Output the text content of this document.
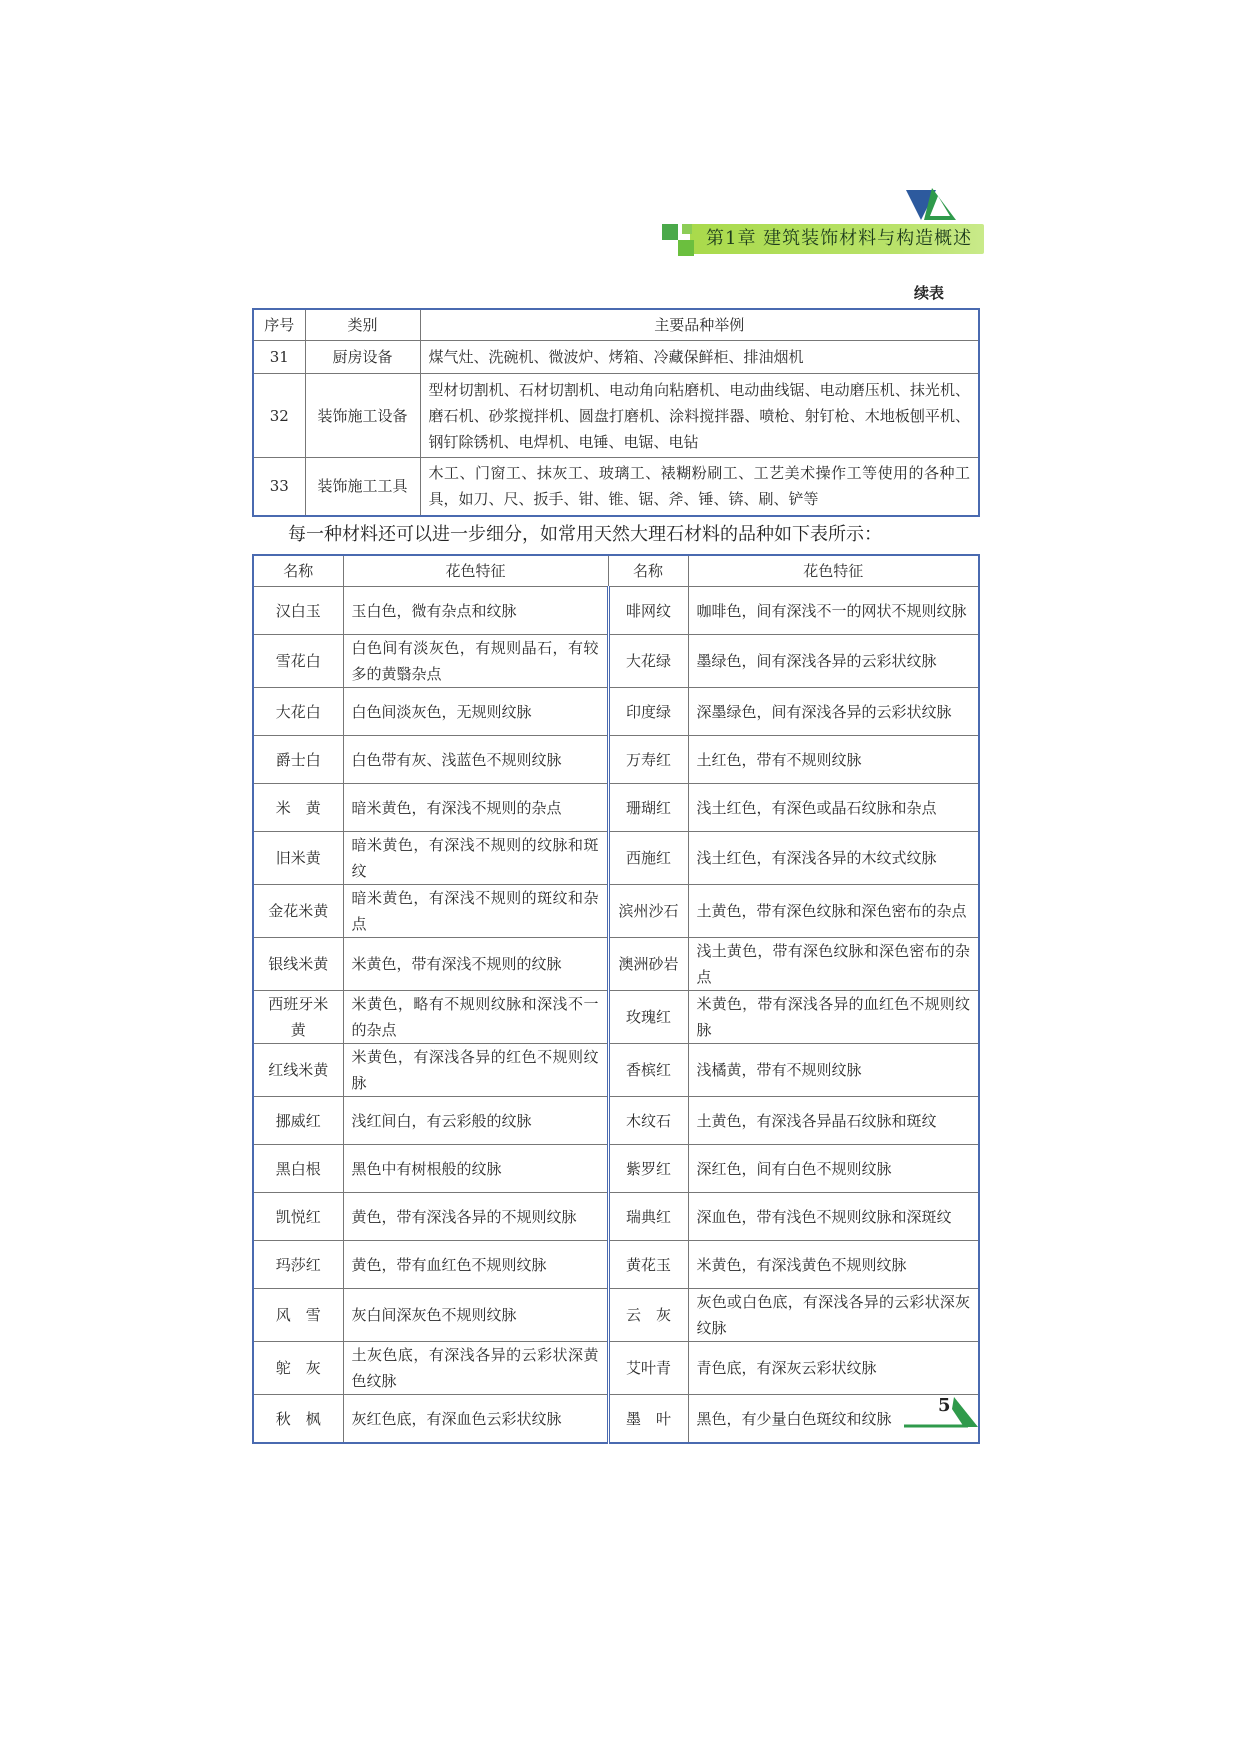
第1章 建筑装饰材料与构造概述
续表
序号	类别	主要品种举例
31	厨房设备	煤气灶、洗碗机、微波炉、烤箱、冷藏保鲜柜、排油烟机
32	装饰施工设备	型材切割机、石材切割机、电动角向粘磨机、电动曲线锯、电动磨压机、抹光机、磨石机、砂浆搅拌机、圆盘打磨机、涂料搅拌器、喷枪、射钉枪、木地板刨平机、钢钉除锈机、电焊机、电锤、电锯、电钻
33	装饰施工工具	木工、门窗工、抹灰工、玻璃工、裱糊粉刷工、工艺美术操作工等使用的各种工具，如刀、尺、扳手、钳、锥、锯、斧、锤、锛、刷、铲等
每一种材料还可以进一步细分，如常用天然大理石材料的品种如下表所示：
名称	花色特征	名称	花色特征
汉白玉	玉白色，微有杂点和纹脉	啡网纹	咖啡色，间有深浅不一的网状不规则纹脉
雪花白	白色间有淡灰色，有规则晶石，有较多的黄翳杂点	大花绿	墨绿色，间有深浅各异的云彩状纹脉
大花白	白色间淡灰色，无规则纹脉	印度绿	深墨绿色，间有深浅各异的云彩状纹脉
爵士白	白色带有灰、浅蓝色不规则纹脉	万寿红	土红色，带有不规则纹脉
米　黄	暗米黄色，有深浅不规则的杂点	珊瑚红	浅土红色，有深色或晶石纹脉和杂点
旧米黄	暗米黄色，有深浅不规则的纹脉和斑纹	西施红	浅土红色，有深浅各异的木纹式纹脉
金花米黄	暗米黄色，有深浅不规则的斑纹和杂点	滨州沙石	土黄色，带有深色纹脉和深色密布的杂点
银线米黄	米黄色，带有深浅不规则的纹脉	澳洲砂岩	浅土黄色，带有深色纹脉和深色密布的杂点
西班牙米黄	米黄色，略有不规则纹脉和深浅不一的杂点	玫瑰红	米黄色，带有深浅各异的血红色不规则纹脉
红线米黄	米黄色，有深浅各异的红色不规则纹脉	香槟红	浅橘黄，带有不规则纹脉
挪威红	浅红间白，有云彩般的纹脉	木纹石	土黄色，有深浅各异晶石纹脉和斑纹
黑白根	黑色中有树根般的纹脉	紫罗红	深红色，间有白色不规则纹脉
凯悦红	黄色，带有深浅各异的不规则纹脉	瑞典红	深血色，带有浅色不规则纹脉和深斑纹
玛莎红	黄色，带有血红色不规则纹脉	黄花玉	米黄色，有深浅黄色不规则纹脉
风　雪	灰白间深灰色不规则纹脉	云　灰	灰色或白色底，有深浅各异的云彩状深灰纹脉
鸵　灰	土灰色底，有深浅各异的云彩状深黄色纹脉	艾叶青	青色底，有深灰云彩状纹脉
秋　枫	灰红色底，有深血色云彩状纹脉	墨　叶	黑色，有少量白色斑纹和纹脉
5
